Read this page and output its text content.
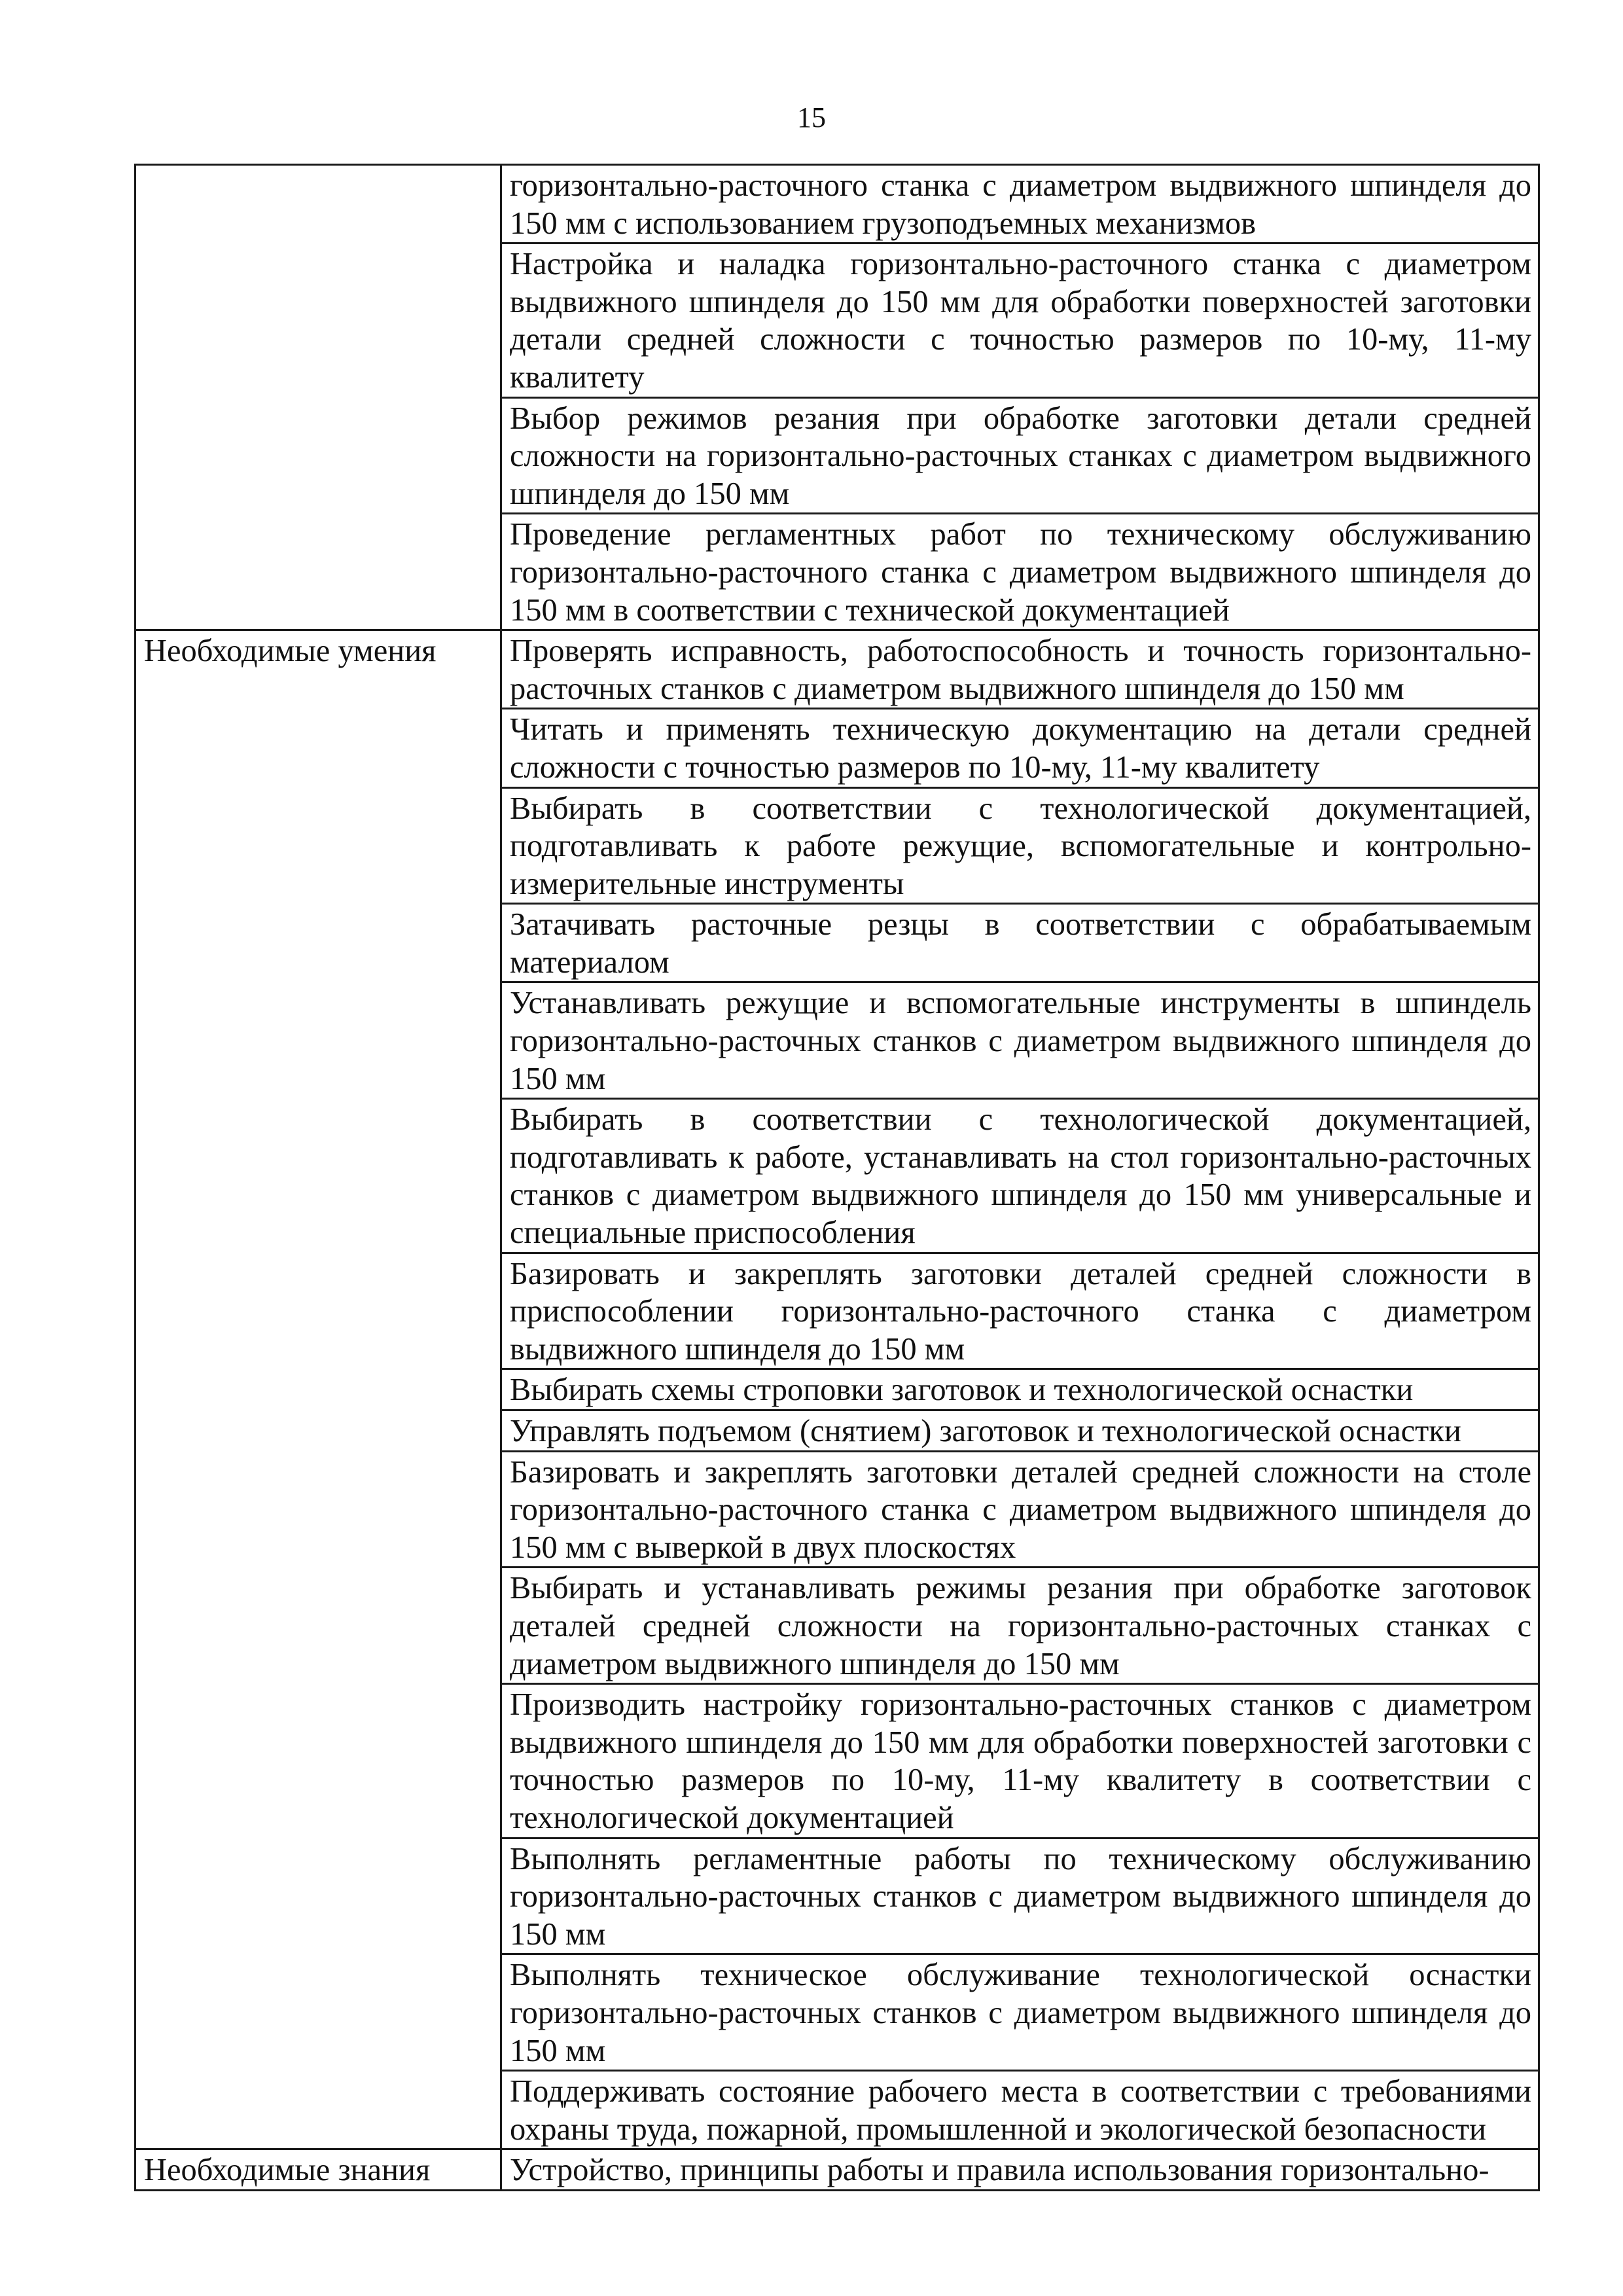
15
	горизонтально-расточного станка с диаметром выдвижного шпинделя до 150 мм с использованием грузоподъемных механизмов
	Настройка и наладка горизонтально-расточного станка с диаметром выдвижного шпинделя до 150 мм для обработки поверхностей заготовки детали средней сложности с точностью размеров по 10-му, 11-му квалитету
	Выбор режимов резания при обработке заготовки детали средней сложности на горизонтально-расточных станках с диаметром выдвижного шпинделя до 150 мм
	Проведение регламентных работ по техническому обслуживанию горизонтально-расточного станка с диаметром выдвижного шпинделя до 150 мм в соответствии с технической документацией
Необходимые умения	Проверять исправность, работоспособность и точность горизонтально-расточных станков с диаметром выдвижного шпинделя до 150 мм
	Читать и применять техническую документацию на детали средней сложности с точностью размеров по 10-му, 11-му квалитету
	Выбирать в соответствии с технологической документацией, подготавливать к работе режущие, вспомогательные и контрольно-измерительные инструменты
	Затачивать расточные резцы в соответствии с обрабатываемым материалом
	Устанавливать режущие и вспомогательные инструменты в шпиндель горизонтально-расточных станков с диаметром выдвижного шпинделя до 150 мм
	Выбирать в соответствии с технологической документацией, подготавливать к работе, устанавливать на стол горизонтально-расточных станков с диаметром выдвижного шпинделя до 150 мм универсальные и специальные приспособления
	Базировать и закреплять заготовки деталей средней сложности в приспособлении горизонтально-расточного станка с диаметром выдвижного шпинделя до 150 мм
	Выбирать схемы строповки заготовок и технологической оснастки
	Управлять подъемом (снятием) заготовок и технологической оснастки
	Базировать и закреплять заготовки деталей средней сложности на столе горизонтально-расточного станка с диаметром выдвижного шпинделя до 150 мм с выверкой в двух плоскостях
	Выбирать и устанавливать режимы резания при обработке заготовок деталей средней сложности на горизонтально-расточных станках с диаметром выдвижного шпинделя до 150 мм
	Производить настройку горизонтально-расточных станков с диаметром выдвижного шпинделя до 150 мм для обработки поверхностей заготовки с точностью размеров по 10-му, 11-му квалитету в соответствии с технологической документацией
	Выполнять регламентные работы по техническому обслуживанию горизонтально-расточных станков с диаметром выдвижного шпинделя до 150 мм
	Выполнять техническое обслуживание технологической оснастки горизонтально-расточных станков с диаметром выдвижного шпинделя до 150 мм
	Поддерживать состояние рабочего места в соответствии с требованиями охраны труда, пожарной, промышленной и экологической безопасности
Необходимые знания	Устройство, принципы работы и правила использования горизонтально-
